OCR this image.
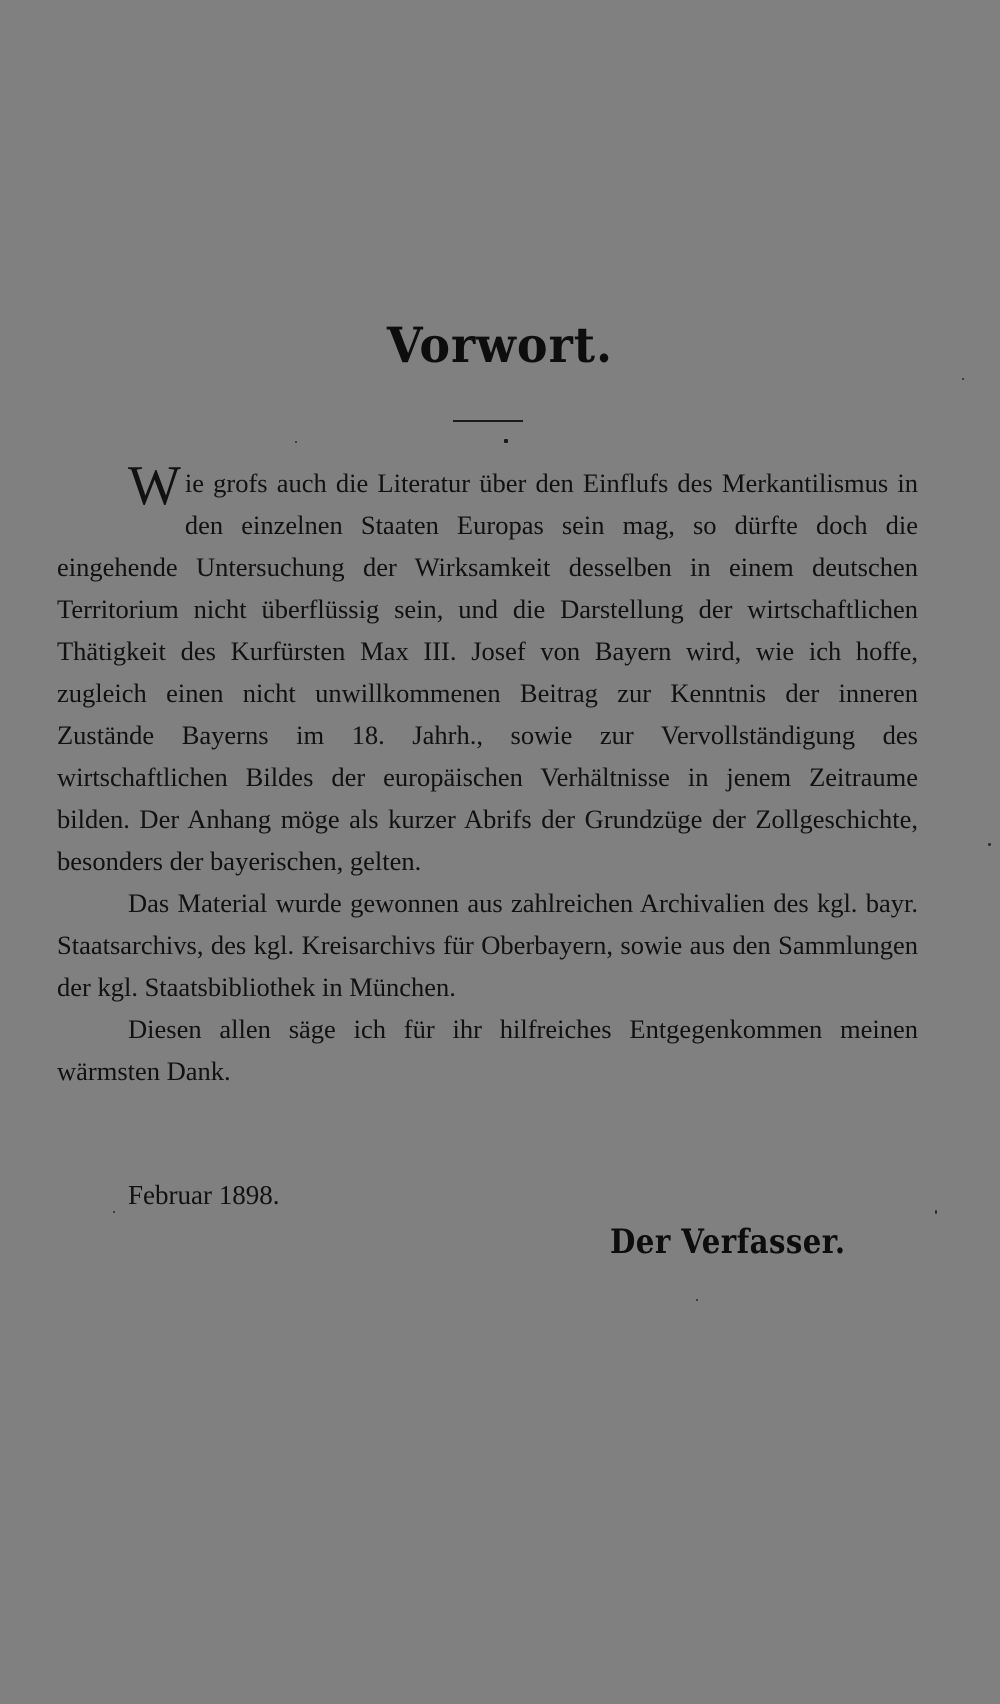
Vorwort.

Wie grofs auch die Literatur über den Einflufs des Merkantilismus in den einzelnen Staaten Europas sein mag, so dürfte doch die eingehende Untersuchung der Wirksamkeit desselben in einem deutschen Territorium nicht überflüssig sein, und die Darstellung der wirtschaftlichen Thätigkeit des Kurfürsten Max III. Josef von Bayern wird, wie ich hoffe, zugleich einen nicht unwillkommenen Beitrag zur Kenntnis der inneren Zustände Bayerns im 18. Jahrh., sowie zur Vervollständigung des wirtschaftlichen Bildes der europäischen Verhältnisse in jenem Zeitraume bilden. Der Anhang möge als kurzer Abrifs der Grundzüge der Zollgeschichte, besonders der bayerischen, gelten.

Das Material wurde gewonnen aus zahlreichen Archivalien des kgl. bayr. Staatsarchivs, des kgl. Kreisarchivs für Oberbayern, sowie aus den Sammlungen der kgl. Staatsbibliothek in München.

Diesen allen säge ich für ihr hilfreiches Entgegenkommen meinen wärmsten Dank.

Februar 1898.
Der Verfasser.
